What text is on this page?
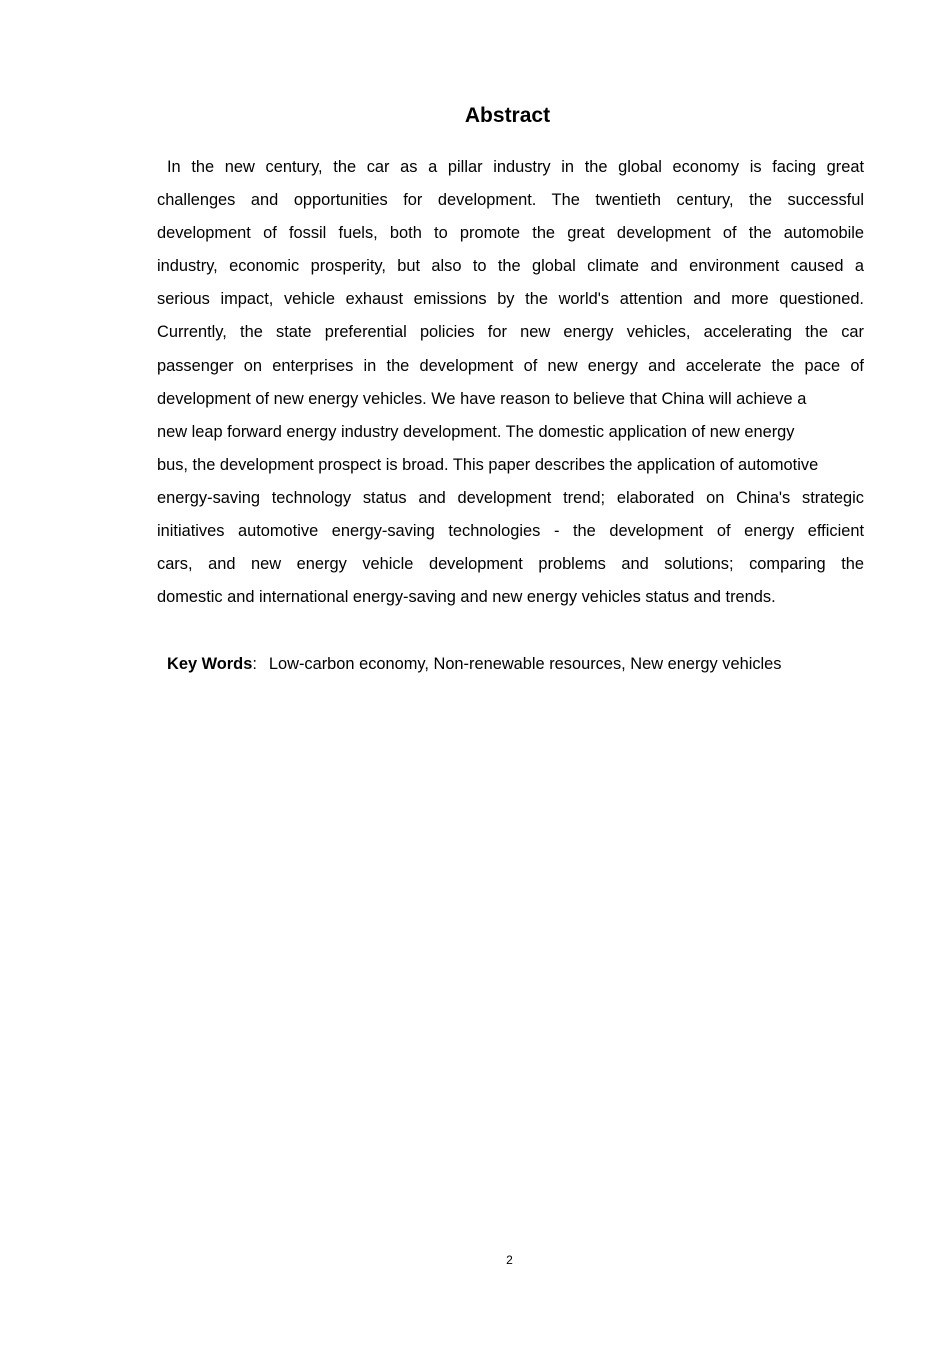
Abstract
In the new century, the car as a pillar industry in the global economy is facing great
challenges and opportunities for development. The twentieth century, the successful
development of fossil fuels, both to promote the great development of the automobile
industry, economic prosperity, but also to the global climate and environment caused a
serious impact, vehicle exhaust emissions by the world's attention and more questioned.
Currently, the state preferential policies for new energy vehicles, accelerating the car
passenger on enterprises in the development of new energy and accelerate the pace of
development of new energy vehicles. We have reason to believe that China will achieve a
new leap forward energy industry development. The domestic application of new energy
bus, the development prospect is broad. This paper describes the application of automotive
energy-saving technology status and development trend; elaborated on China's strategic
initiatives automotive energy-saving technologies - the development of energy efficient
cars, and new energy vehicle development problems and solutions; comparing the
domestic and international energy-saving and new energy vehicles status and trends.
Key Words: Low-carbon economy, Non-renewable resources, New energy vehicles
2
